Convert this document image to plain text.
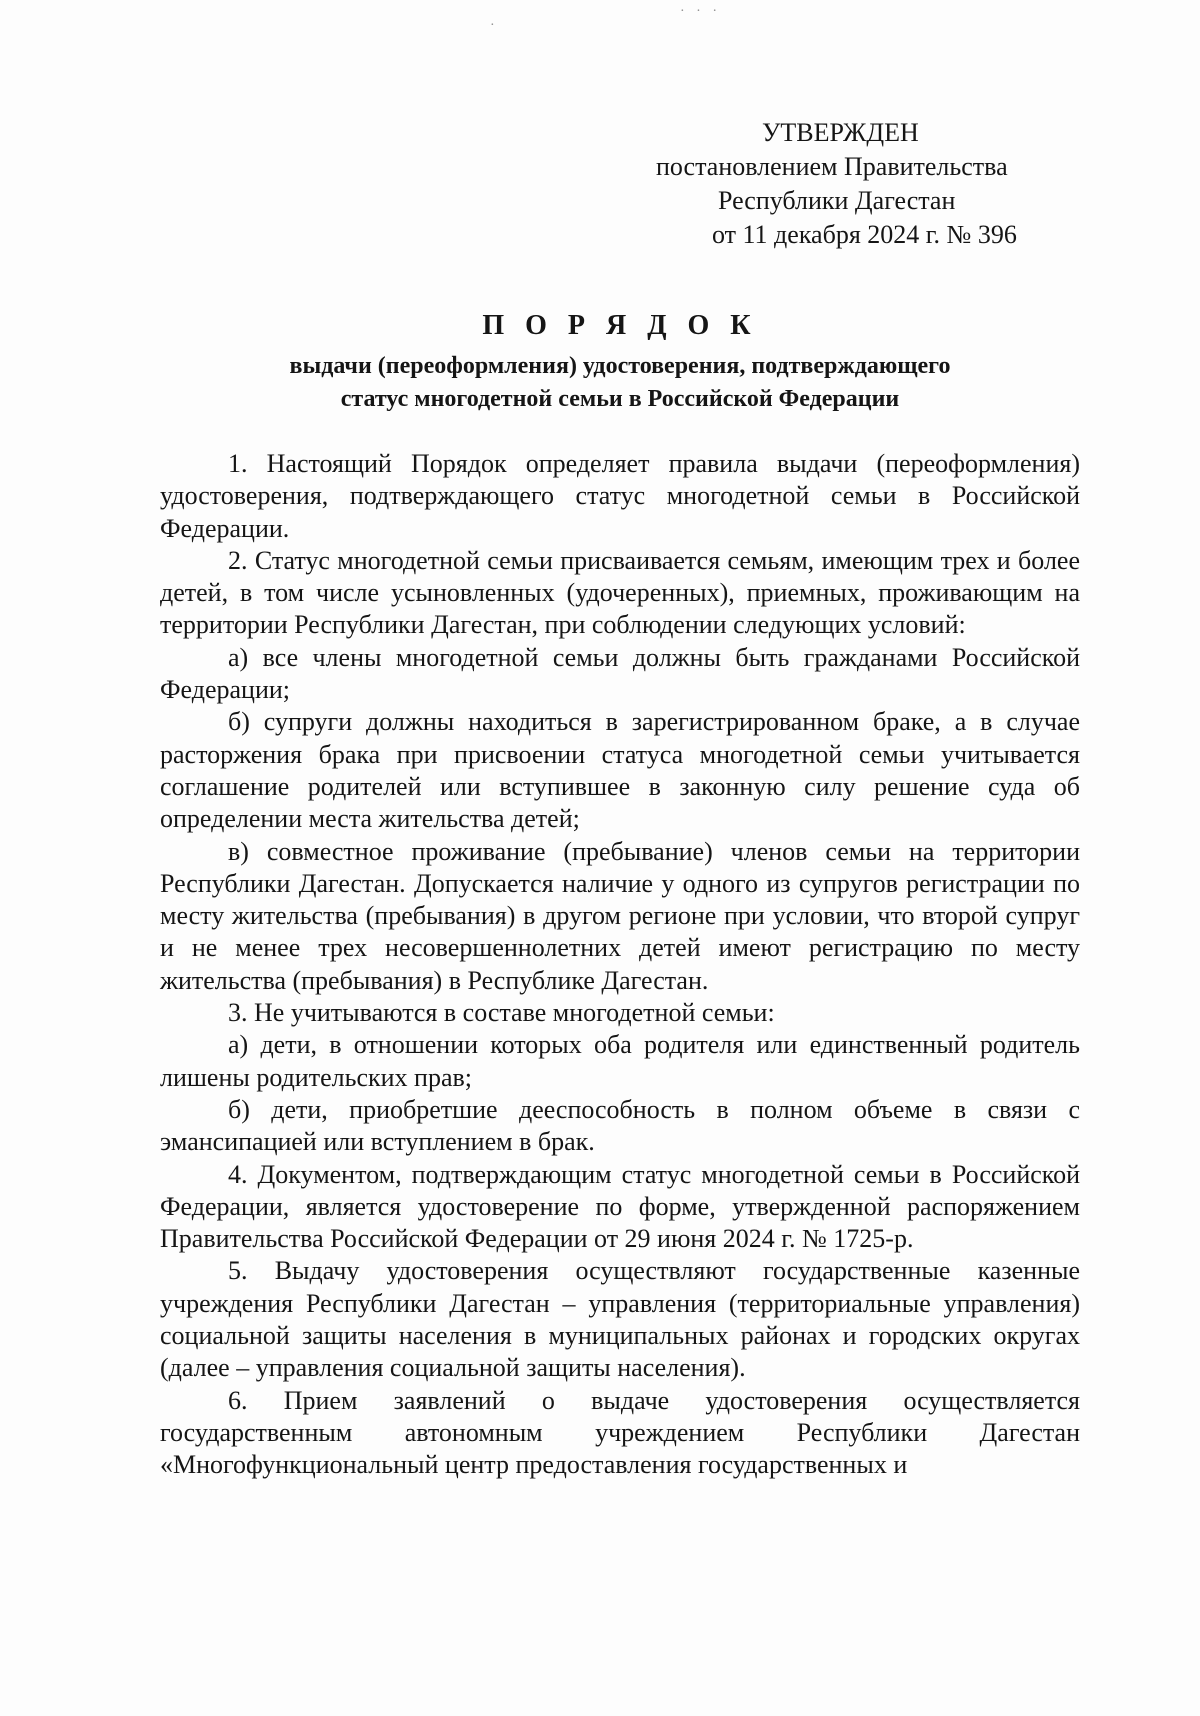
· · ·
·
УТВЕРЖДЕН
постановлением Правительства
Республики Дагестан
от 11 декабря 2024 г. № 396
П О Р Я Д О К
выдачи (переоформления) удостоверения, подтверждающего
статус многодетной семьи в Российской Федерации

1. Настоящий Порядок определяет правила выдачи (переоформления) удостоверения, подтверждающего статус многодетной семьи в Российской Федерации.

2. Статус многодетной семьи присваивается семьям, имеющим трех и более детей, в том числе усыновленных (удочеренных), приемных, проживающим на территории Республики Дагестан, при соблюдении следующих условий:

а) все члены многодетной семьи должны быть гражданами Российской Федерации;

б) супруги должны находиться в зарегистрированном браке, а в случае расторжения брака при присвоении статуса многодетной семьи учитывается соглашение родителей или вступившее в законную силу решение суда об определении места жительства детей;

в) совместное проживание (пребывание) членов семьи на территории Республики Дагестан. Допускается наличие у одного из супругов регистрации по месту жительства (пребывания) в другом регионе при условии, что второй супруг и не менее трех несовершеннолетних детей имеют регистрацию по месту жительства (пребывания) в Республике Дагестан.

3. Не учитываются в составе многодетной семьи:

а) дети, в отношении которых оба родителя или единственный родитель лишены родительских прав;

б) дети, приобретшие дееспособность в полном объеме в связи с эмансипацией или вступлением в брак.

4. Документом, подтверждающим статус многодетной семьи в Российской Федерации, является удостоверение по форме, утвержденной распоряжением Правительства Российской Федерации от 29 июня 2024 г. № 1725-р.

5. Выдачу удостоверения осуществляют государственные казенные учреждения Республики Дагестан – управления (территориальные управления) социальной защиты населения в муниципальных районах и городских округах (далее – управления социальной защиты населения).

6. Прием заявлений о выдаче удостоверения осуществляется государственным автономным учреждением Республики Дагестан «Многофункциональный центр предоставления государственных и
